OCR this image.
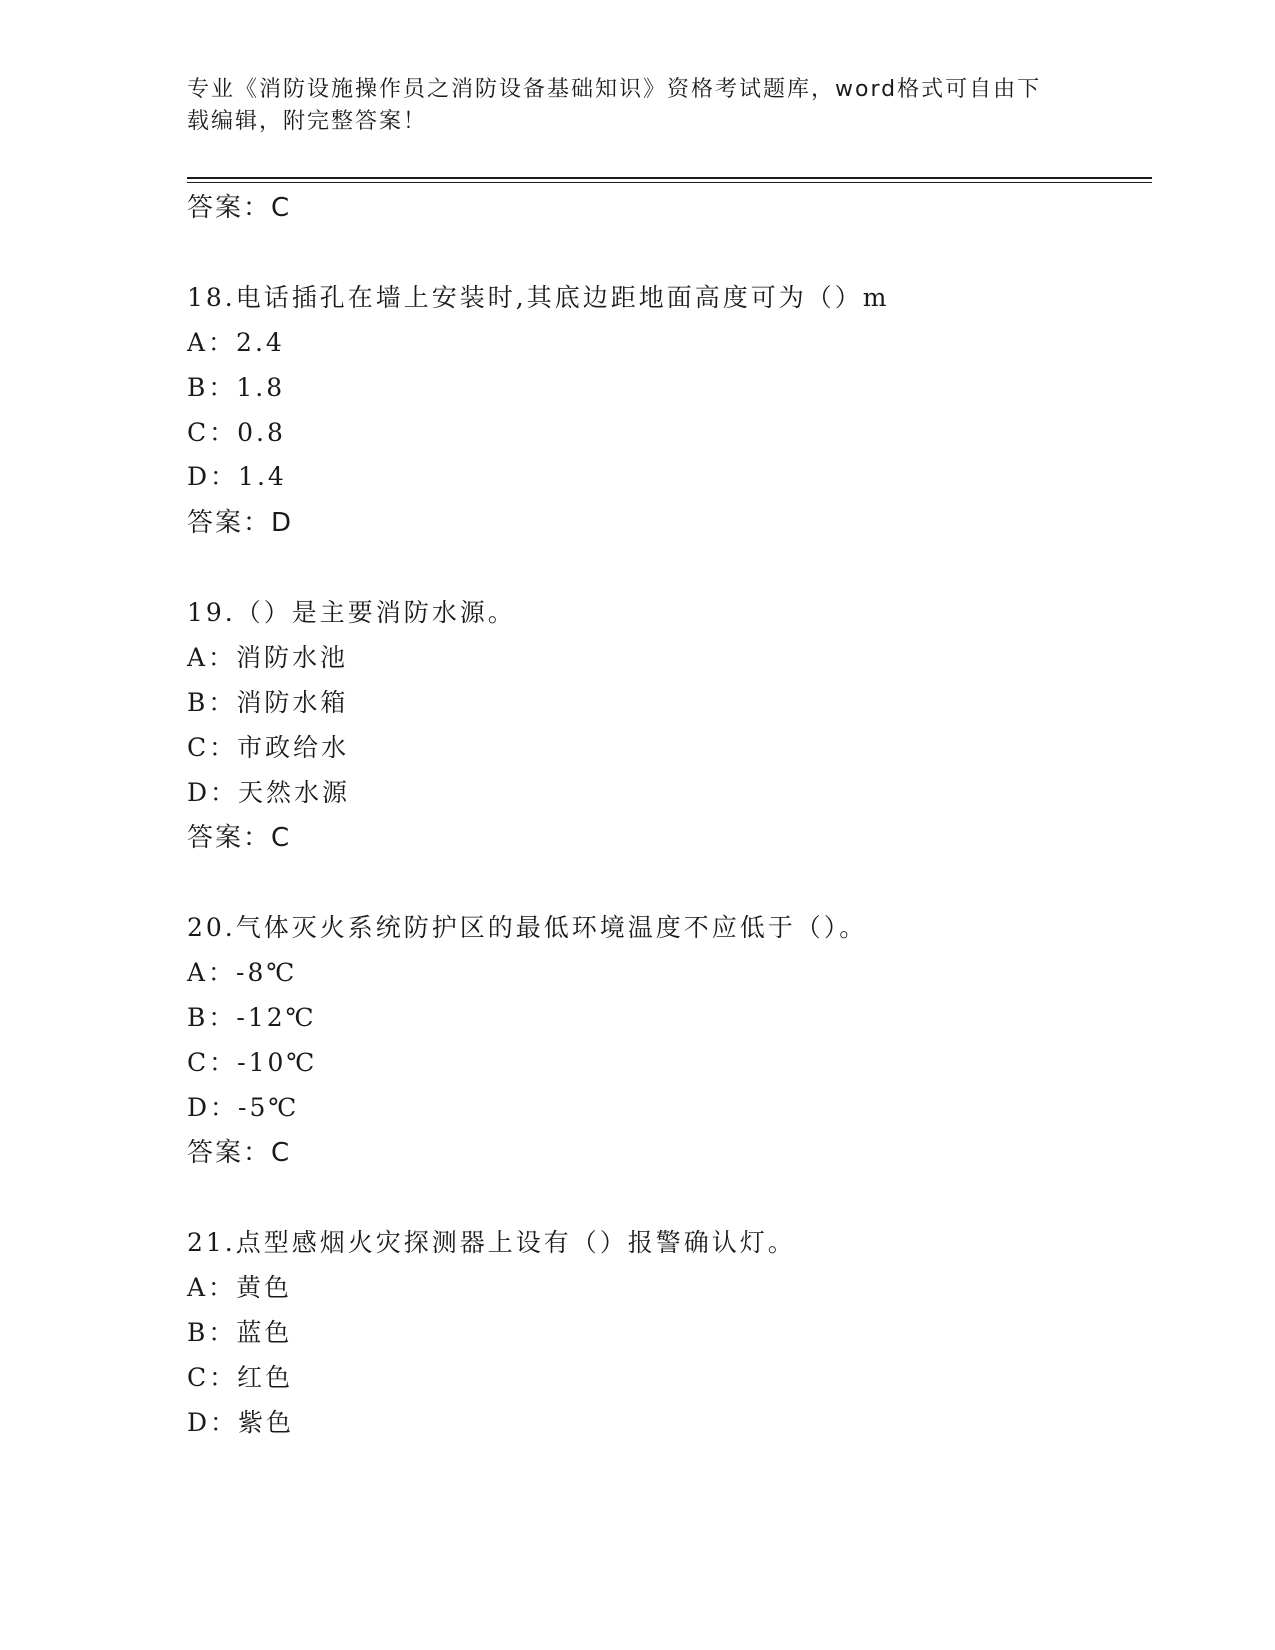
专业《消防设施操作员之消防设备基础知识》资格考试题库，word格式可自由下
载编辑，附完整答案！
答案：C
18.电话插孔在墙上安装时,其底边距地面高度可为（）m
A：2.4
B：1.8
C：0.8
D：1.4
答案：D
19.（）是主要消防水源。
A：消防水池
B：消防水箱
C：市政给水
D：天然水源
答案：C
20.气体灭火系统防护区的最低环境温度不应低于（）。
A：-8℃
B：-12℃
C：-10℃
D：-5℃
答案：C
21.点型感烟火灾探测器上设有（）报警确认灯。
A：黄色
B：蓝色
C：红色
D：紫色
